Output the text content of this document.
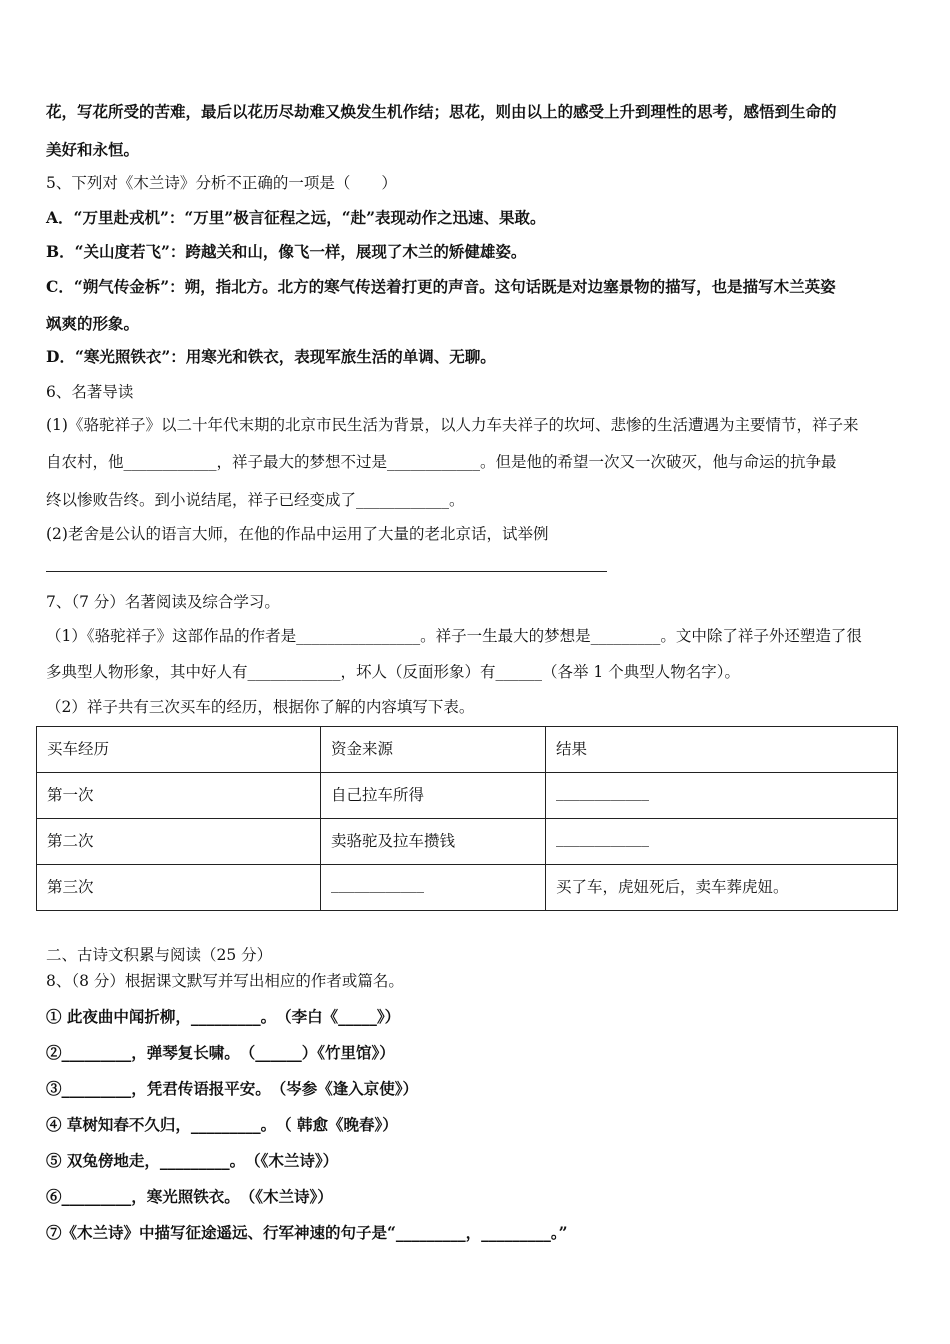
花，写花所受的苦难，最后以花历尽劫难又焕发生机作结；思花，则由以上的感受上升到理性的思考，感悟到生命的
美好和永恒。
5、下列对《木兰诗》分析不正确的一项是（　　）
A．“万里赴戎机”：“万里”极言征程之远，“赴”表现动作之迅速、果敢。
B．“关山度若飞”：跨越关和山，像飞一样，展现了木兰的矫健雄姿。
C．“朔气传金柝”：朔，指北方。北方的寒气传送着打更的声音。这句话既是对边塞景物的描写，也是描写木兰英姿
飒爽的形象。
D．“寒光照铁衣”：用寒光和铁衣，表现军旅生活的单调、无聊。
6、名著导读
(1)《骆驼祥子》以二十年代末期的北京市民生活为背景，以人力车夫祥子的坎坷、悲惨的生活遭遇为主要情节，祥子来
自农村，他____________，祥子最大的梦想不过是____________。但是他的希望一次又一次破灭，他与命运的抗争最
终以惨败告终。到小说结尾，祥子已经变成了____________。
(2)老舍是公认的语言大师，在他的作品中运用了大量的老北京话，试举例
7、（7 分）名著阅读及综合学习。
（1）《骆驼祥子》这部作品的作者是________________。祥子一生最大的梦想是_________。文中除了祥子外还塑造了很
多典型人物形象，其中好人有____________，坏人（反面形象）有______（各举 1 个典型人物名字）。
（2）祥子共有三次买车的经历，根据你了解的内容填写下表。
买车经历	资金来源	结果
第一次	自己拉车所得	____________
第二次	卖骆驼及拉车攒钱	____________
第三次	____________	买了车，虎妞死后，卖车葬虎妞。
二、古诗文积累与阅读（25 分）
8、（8 分）根据课文默写并写出相应的作者或篇名。
① 此夜曲中闻折柳，_________。　（李白《_____》）
②_________，弹琴复长啸。　（______）《竹里馆》）
③_________，凭君传语报平安。　（岑参《逢入京使》）
④ 草树知春不久归，_________。　（ 韩愈《晚春》）
⑤ 双兔傍地走，_________。　（《木兰诗》）
⑥_________，寒光照铁衣。　（《木兰诗》）
⑦《木兰诗》中描写征途遥远、行军神速的句子是“_________，_________。”
